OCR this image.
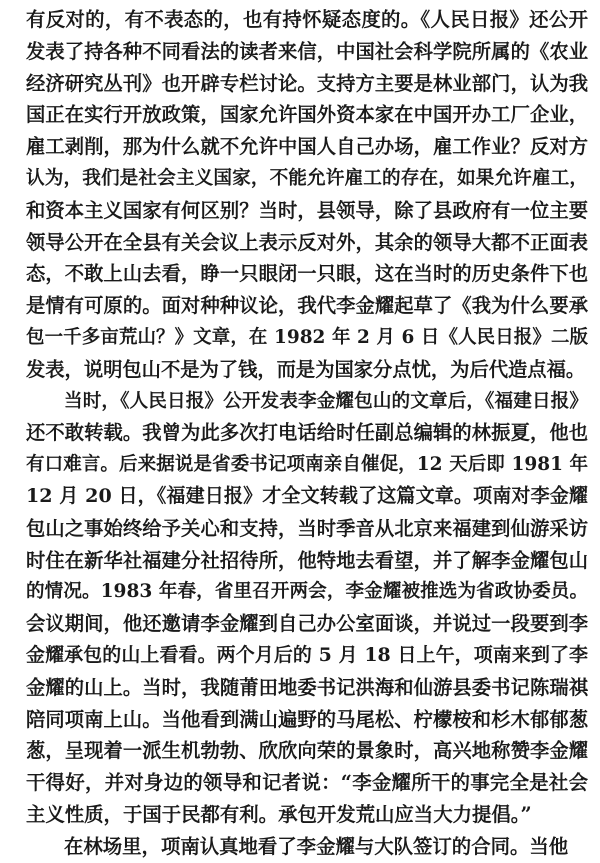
有反对的，有不表态的，也有持怀疑态度的。《人民日报》还公开
发表了持各种不同看法的读者来信，中国社会科学院所属的《农业
经济研究丛刊》也开辟专栏讨论。支持方主要是林业部门，认为我
国正在实行开放政策，国家允许国外资本家在中国开办工厂企业，
雇工剥削，那为什么就不允许中国人自己办场，雇工作业？反对方
认为，我们是社会主义国家，不能允许雇工的存在，如果允许雇工，
和资本主义国家有何区别？当时，县领导，除了县政府有一位主要
领导公开在全县有关会议上表示反对外，其余的领导大都不正面表
态，不敢上山去看，睁一只眼闭一只眼，这在当时的历史条件下也
是情有可原的。面对种种议论，我代李金耀起草了《我为什么要承
包一千多亩荒山？》文章，在 1982 年 2 月 6 日《人民日报》二版
发表，说明包山不是为了钱，而是为国家分点忧，为后代造点福。
当时，《人民日报》公开发表李金耀包山的文章后，《福建日报》
还不敢转载。我曾为此多次打电话给时任副总编辑的林振夏，他也
有口难言。后来据说是省委书记项南亲自催促，12 天后即 1981 年
12 月 20 日，《福建日报》才全文转载了这篇文章。项南对李金耀
包山之事始终给予关心和支持，当时季音从北京来福建到仙游采访
时住在新华社福建分社招待所，他特地去看望，并了解李金耀包山
的情况。1983 年春，省里召开两会，李金耀被推选为省政协委员。
会议期间，他还邀请李金耀到自己办公室面谈，并说过一段要到李
金耀承包的山上看看。两个月后的 5 月 18 日上午，项南来到了李
金耀的山上。当时，我随莆田地委书记洪海和仙游县委书记陈瑞祺
陪同项南上山。当他看到满山遍野的马尾松、柠檬桉和杉木郁郁葱
葱，呈现着一派生机勃勃、欣欣向荣的景象时，高兴地称赞李金耀
干得好，并对身边的领导和记者说：“李金耀所干的事完全是社会
主义性质，于国于民都有利。承包开发荒山应当大力提倡。”
在林场里，项南认真地看了李金耀与大队签订的合同。当他
